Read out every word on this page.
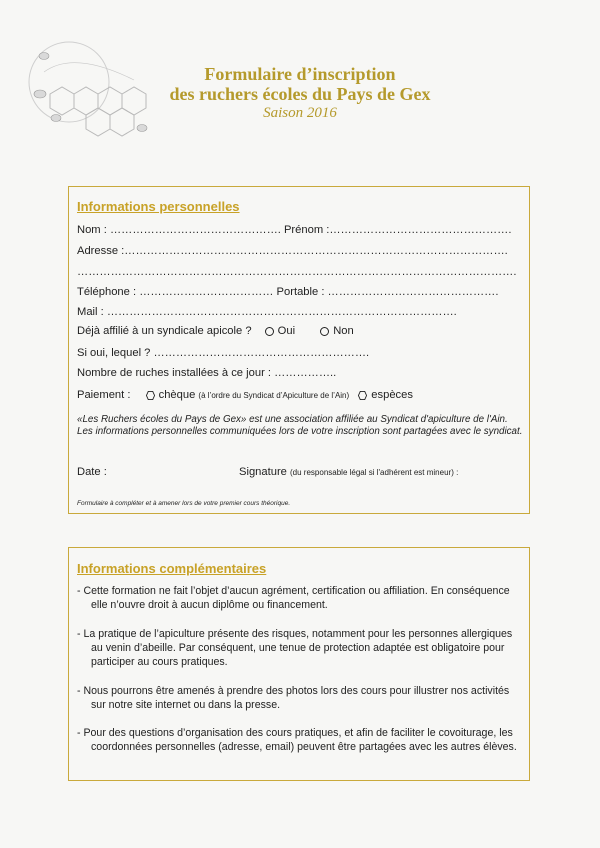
Formulaire d’inscription
des ruchers écoles du Pays de Gex
Saison 2016
Informations personnelles
Nom : ………………………………………. Prénom :………………………………………….
Adresse :………………………………………………………………………………………….
……………………………………………………………………………………………………….
Téléphone : ……………………………… Portable : ……………………………………….
Mail : ………………………………………………………………………………….
Déjà affilié à un syndicale apicole ? Oui	Non
Si oui, lequel ? ………………………………………………….
Nombre de ruches installées à ce jour : ……………..
Paiement :	chèque (à l’ordre du Syndicat d’Apiculture de l’Ain) espèces
«Les Ruchers écoles du Pays de Gex» est une association affiliée au Syndicat d'apiculture de l'Ain. Les informations personnelles communiquées lors de votre inscription sont partagées avec le syndicat.
Date :	Signature (du responsable légal si l'adhérent est mineur) :
Formulaire à compléter et à amener lors de votre premier cours théorique.
Informations complémentaires
- Cette formation ne fait l’objet d’aucun agrément, certification ou affiliation. En conséquence
elle n’ouvre droit à aucun diplôme ou financement.
- La pratique de l’apiculture présente des risques, notamment pour les personnes allergiques
au venin d’abeille. Par conséquent, une tenue de protection adaptée est obligatoire pour participer au cours pratiques.
- Nous pourrons être amenés à prendre des photos lors des cours pour illustrer nos activités
sur notre site internet ou dans la presse.
- Pour des questions d’organisation des cours pratiques, et afin de faciliter le covoiturage, les
coordonnées personnelles (adresse, email) peuvent être partagées avec les autres élèves.
